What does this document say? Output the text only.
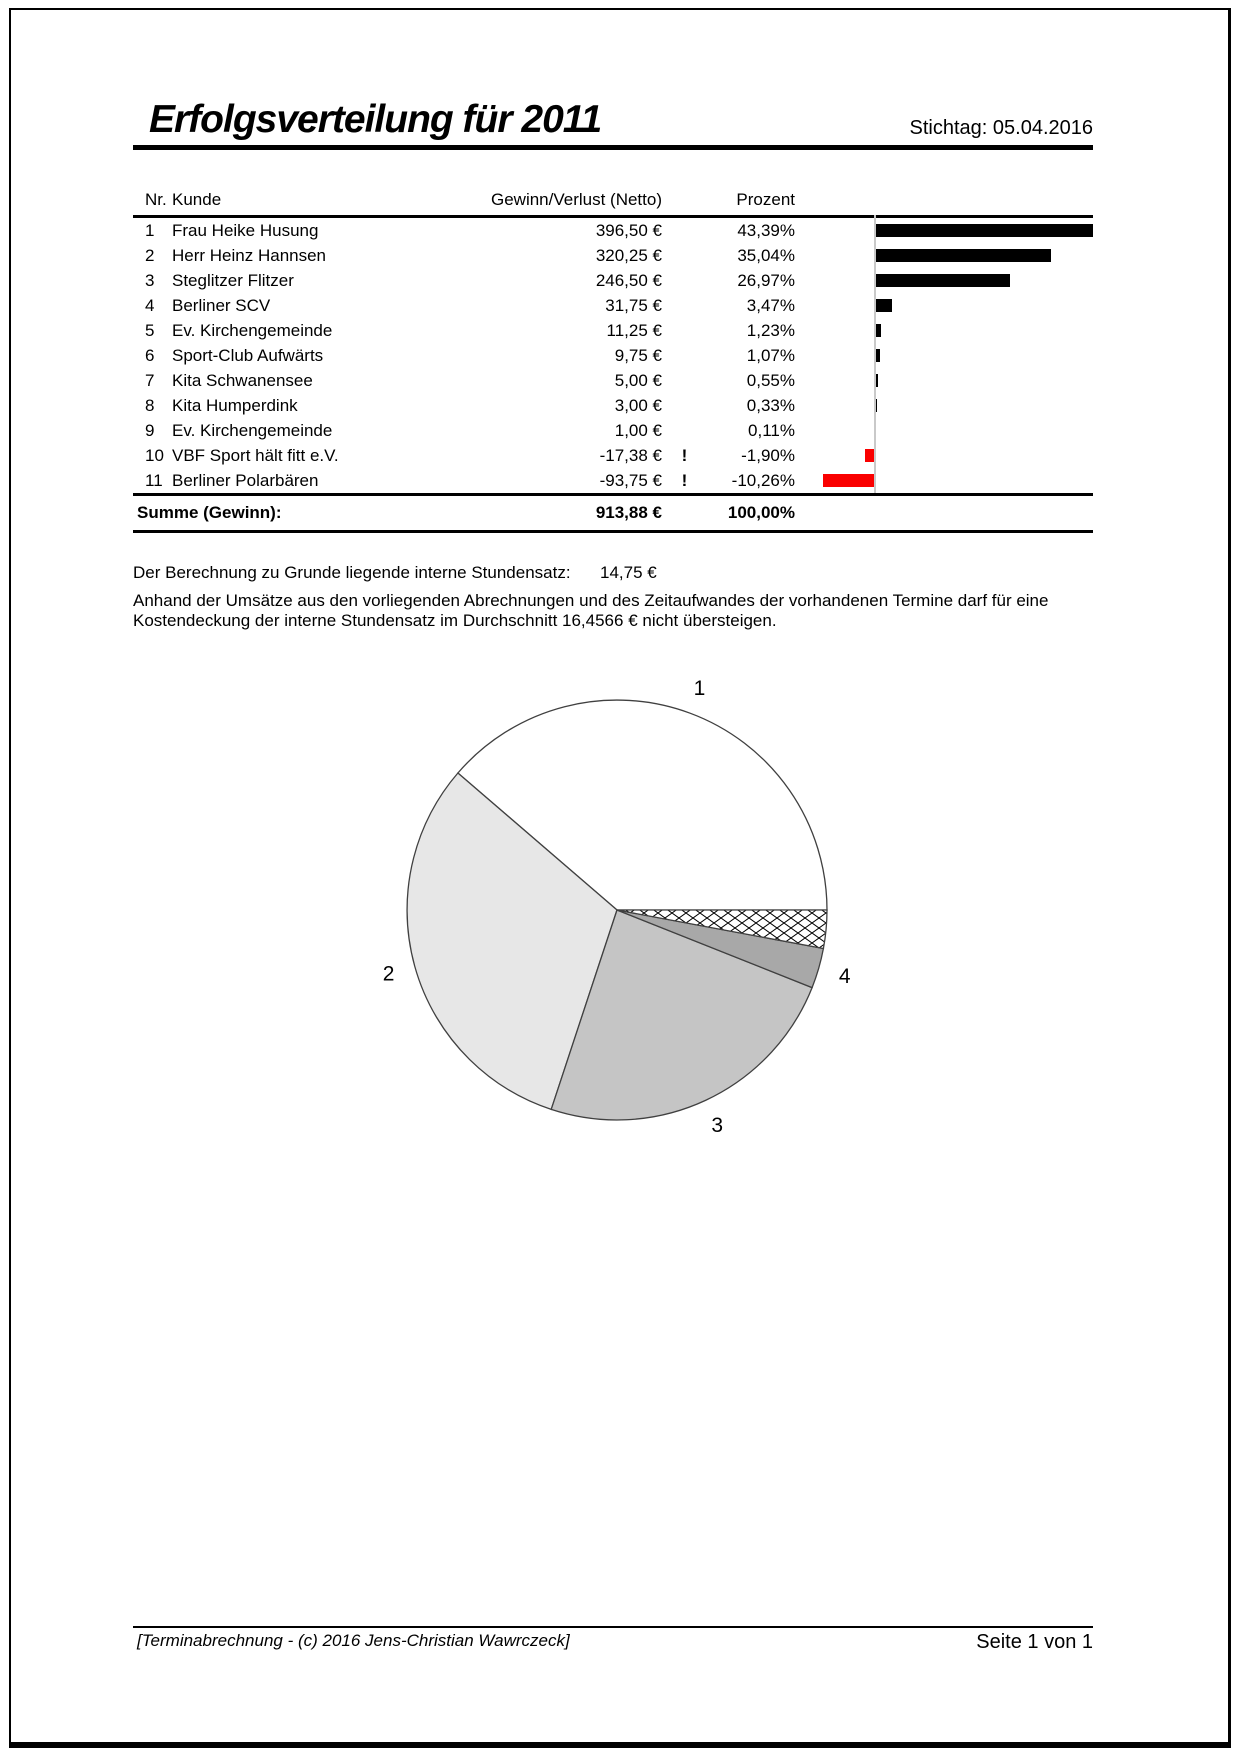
Erfolgsverteilung für 2011	Stichtag: 05.04.2016
Nr. Kunde	Gewinn/Verlust (Netto)	Prozent
1	Frau Heike Husung	396,50 €	43,39%
2	Herr Heinz Hannsen	320,25 €	35,04%
3	Steglitzer Flitzer	246,50 €	26,97%
4	Berliner SCV	31,75 €	3,47%
5	Ev. Kirchengemeinde	11,25 €	1,23%
6	Sport-Club Aufwärts	9,75 €	1,07%
7	Kita Schwanensee	5,00 €	0,55%
8	Kita Humperdink	3,00 €	0,33%
9	Ev. Kirchengemeinde	1,00 €	0,11%
10 VBF Sport hält fitt e.V.	-17,38 €	!	-1,90%
11 Berliner Polarbären	-93,75 €	!	-10,26%
Summe (Gewinn):	913,88 €	100,00%
Der Berechnung zu Grunde liegende interne Stundensatz: 14,75 €
Anhand der Umsätze aus den vorliegenden Abrechnungen und des Zeitaufwandes der vorhandenen Termine darf für eine Kostendeckung der interne Stundensatz im Durchschnitt 16,4566 € nicht übersteigen.
1
2
3
4
[Terminabrechnung - (c) 2016 Jens-Christian Wawrczeck]	Seite 1 von 1
